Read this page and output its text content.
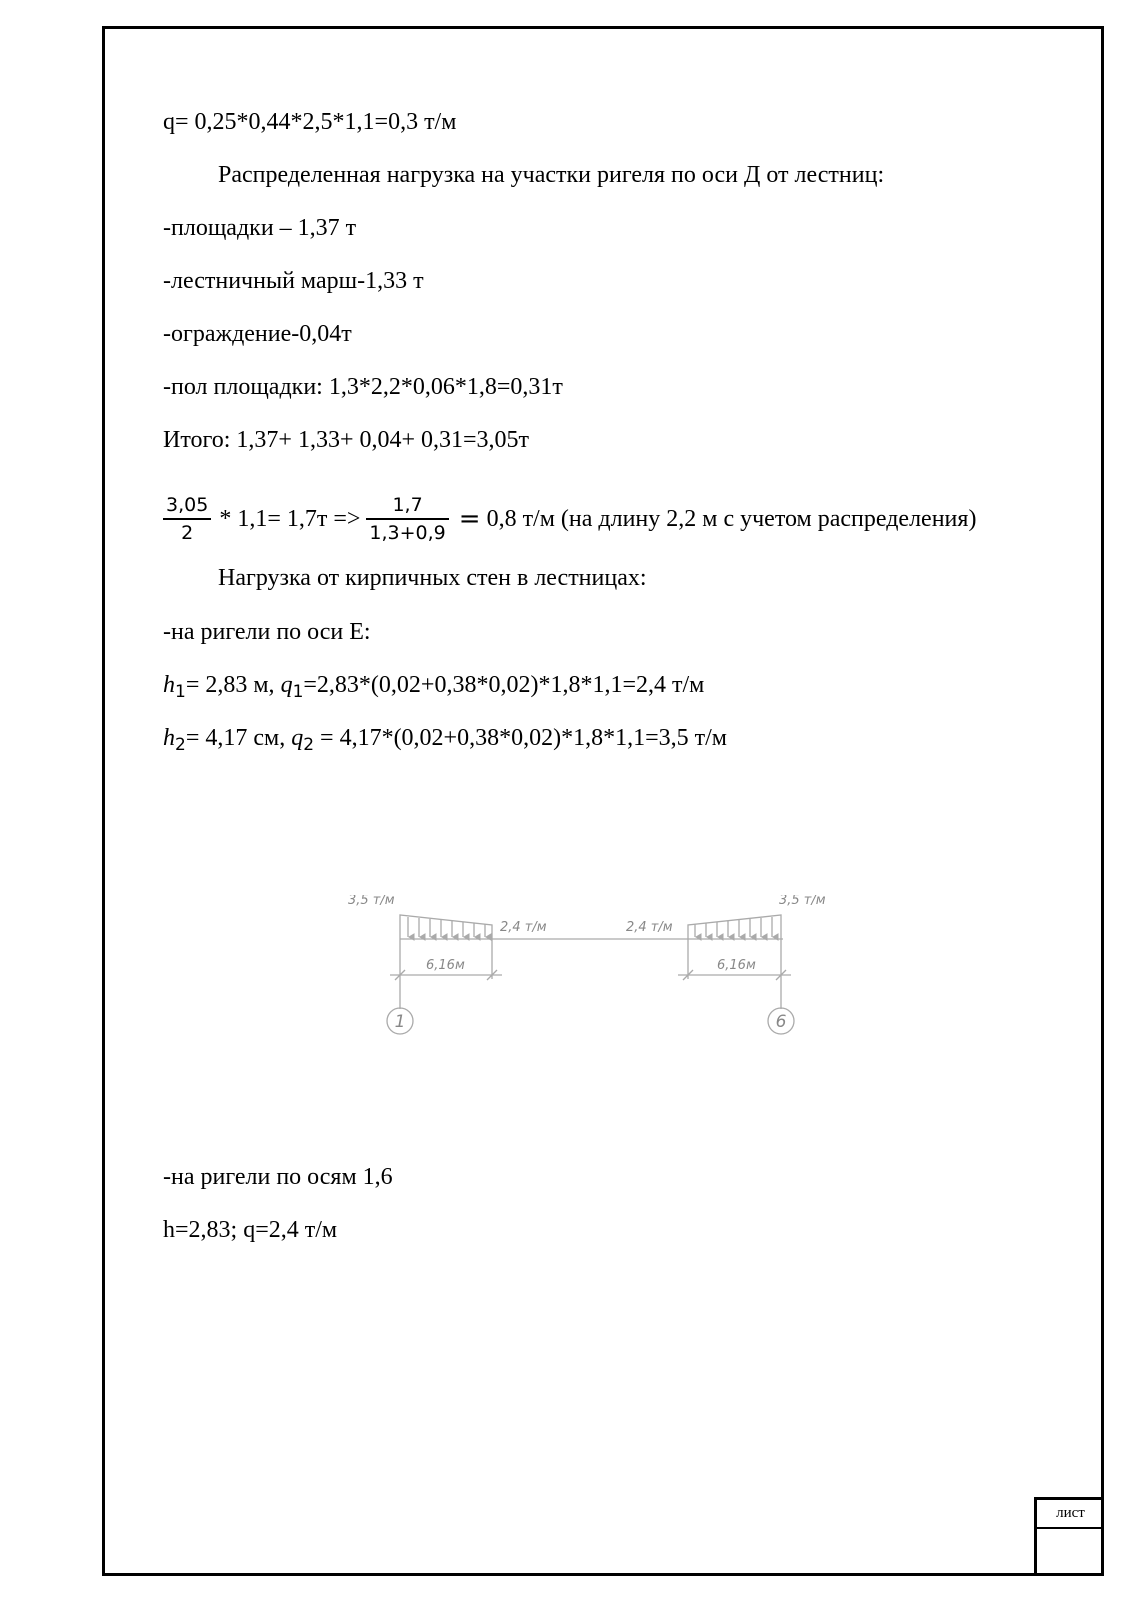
q= 0,25*0,44*2,5*1,1=0,3 т/м
Распределенная нагрузка на участки ригеля по оси Д от лестниц:
-площадки – 1,37 т
-лестничный марш-1,33 т
-ограждение-0,04т
-пол площадки: 1,3*2,2*0,06*1,8=0,31т
Итого: 1,37+ 1,33+ 0,04+ 0,31=3,05т
$\frac{3,05}{2} * 1,1= 1,7т => \frac{1,7}{1,3+0,9} = 0,8$ т/м (на длину 2,2 м с учетом распределения)
Нагрузка от кирпичных стен в лестницах:
-на ригели по оси Е:
$h_1= 2,83$ м, $q_1=2,83*(0,02+0,38*0,02)*1,8*1,1=2,4$ т/м
$h_2= 4,17$ см, $q_2 = 4,17*(0,02+0,38*0,02)*1,8*1,1=3,5$ т/м
3,5 т/м
2,4 т/м	2,4 т/м
3,5 т/м
6,16м	6,16м
1	6
-на ригели по осям 1,6
h=2,83; q=2,4 т/м
лист
